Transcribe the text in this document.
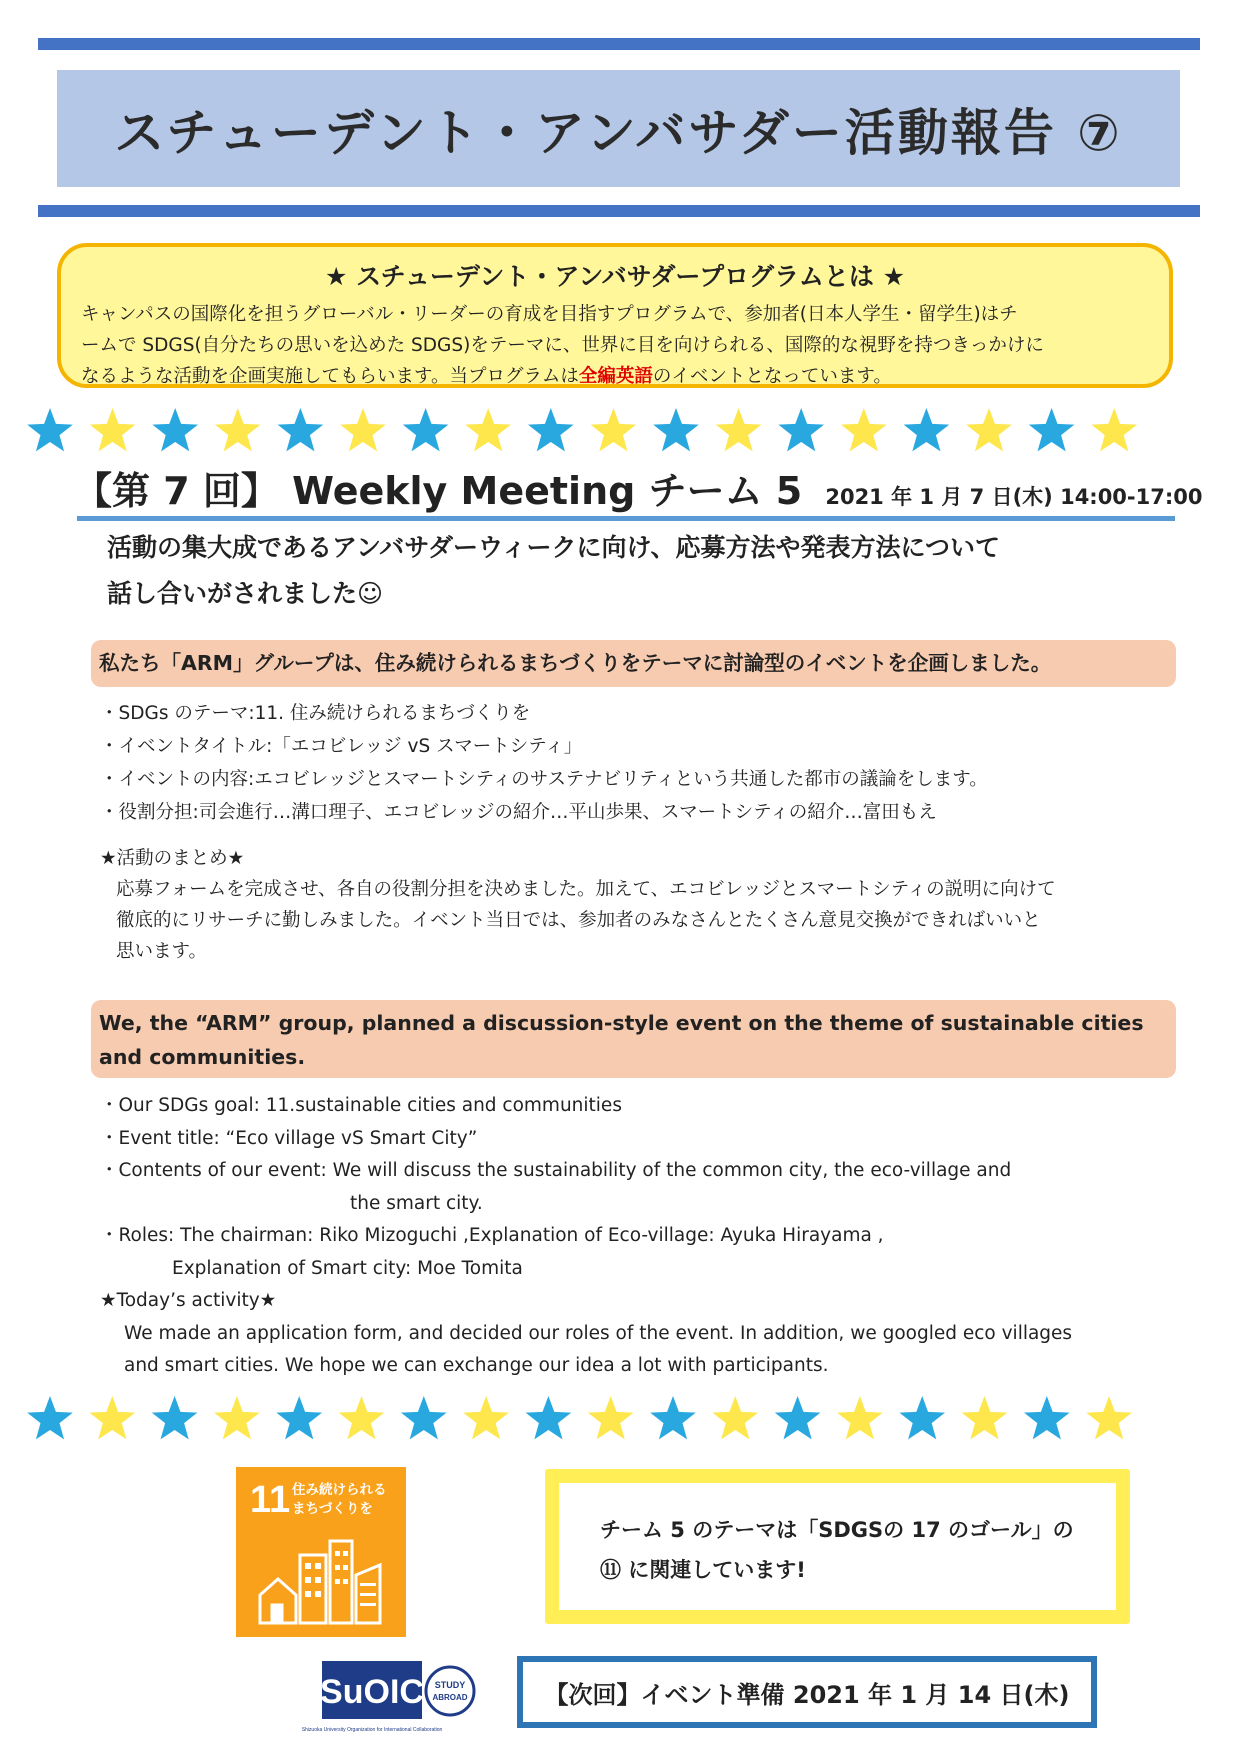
スチューデント・アンバサダー活動報告 ⑦
★ スチューデント・アンバサダープログラムとは ★
キャンパスの国際化を担うグローバル・リーダーの育成を目指すプログラムで、参加者(日本人学生・留学生)はチ
ームで SDGS(自分たちの思いを込めた SDGS)をテーマに、世界に目を向けられる、国際的な視野を持つきっかけに
なるような活動を企画実施してもらいます。当プログラムは全編英語のイベントとなっています。
【第 7 回】 Weekly Meeting チーム 5 2021 年 1 月 7 日(木) 14:00-17:00
活動の集大成であるアンバサダーウィークに向け、応募方法や発表方法について
話し合いがされました☺
私たち「ARM」グループは、住み続けられるまちづくりをテーマに討論型のイベントを企画しました。
・SDGs のテーマ:11. 住み続けられるまちづくりを
・イベントタイトル:「エコビレッジ vS スマートシティ」
・イベントの内容:エコビレッジとスマートシティのサステナビリティという共通した都市の議論をします。
・役割分担:司会進行…溝口理子、エコビレッジの紹介…平山歩果、スマートシティの紹介…富田もえ
★活動のまとめ★
応募フォームを完成させ、各自の役割分担を決めました。加えて、エコビレッジとスマートシティの説明に向けて
徹底的にリサーチに勤しみました。イベント当日では、参加者のみなさんとたくさん意見交換ができればいいと
思います。
We, the “ARM” group, planned a discussion-style event on the theme of sustainable cities
and communities.
・Our SDGs goal: 11.sustainable cities and communities
・Event title: “Eco village vS Smart City”
・Contents of our event: We will discuss the sustainability of the common city, the eco-village and
the smart city.
・Roles: The chairman: Riko Mizoguchi ,Explanation of Eco-village: Ayuka Hirayama ,
Explanation of Smart city: Moe Tomita
★Today’s activity★
We made an application form, and decided our roles of the event. In addition, we googled eco villages
and smart cities. We hope we can exchange our idea a lot with participants.
11 住み続けられる
まちづくりを
チーム 5 のテーマは「SDGSの 17 のゴール」の
⑪ に関連しています!
SuOIC
Shizuoka University Organization for International Collaboration
STUDY
ABROAD	【次回】イベント準備 2021 年 1 月 14 日(木)
